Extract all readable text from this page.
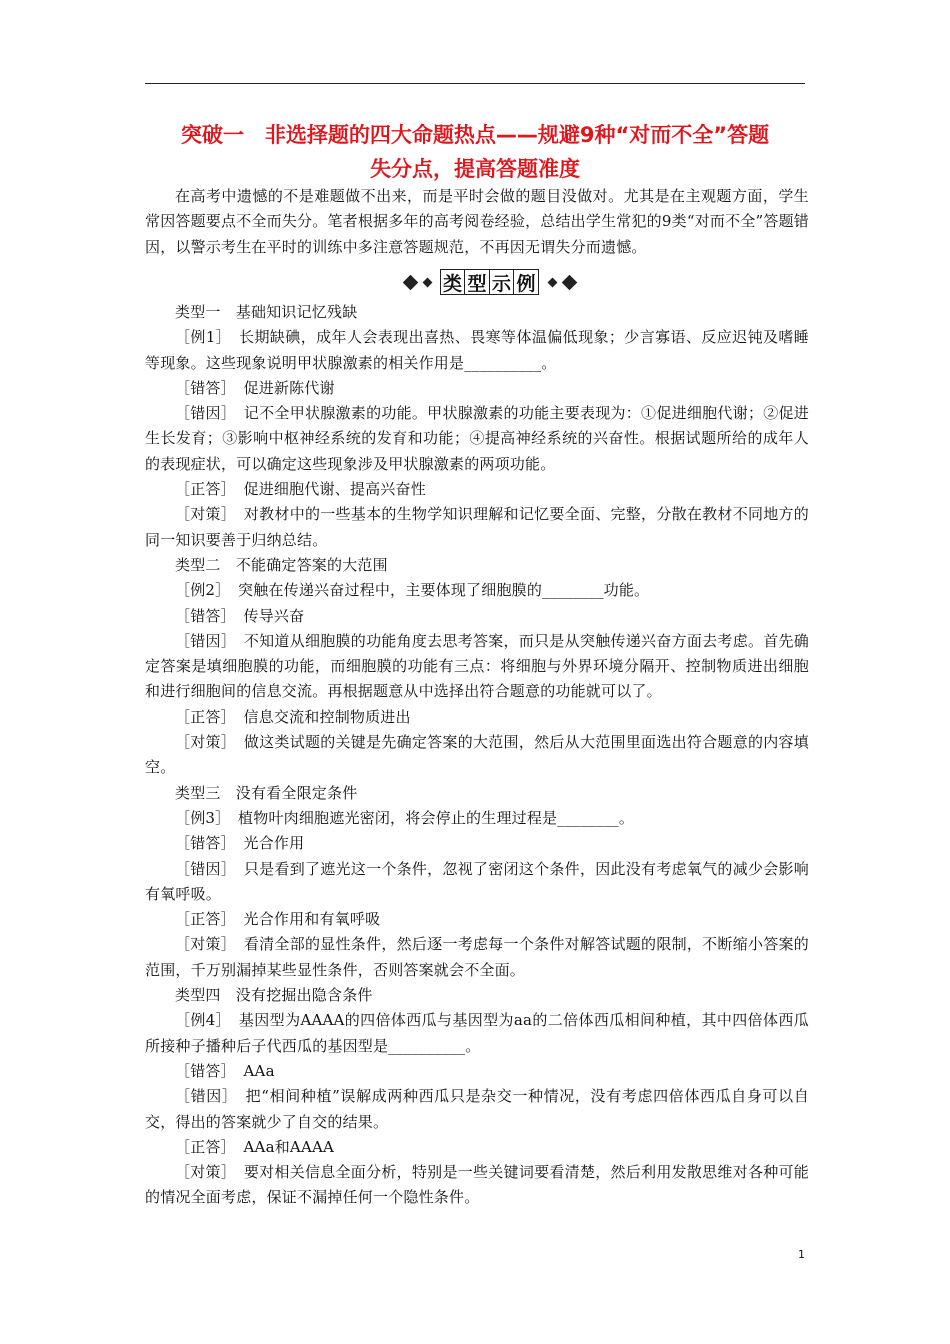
突破一　非选择题的四大命题热点——规避9种“对而不全”答题
失分点，提高答题准度

在高考中遗憾的不是难题做不出来，而是平时会做的题目没做对。尤其是在主观题方面，学生常因答题要点不全而失分。笔者根据多年的高考阅卷经验，总结出学生常犯的9类“对而不全”答题错因，以警示考生在平时的训练中多注意答题规范，不再因无谓失分而遗憾。

类 型 示 例

类型一　基础知识记忆残缺

［例1］　长期缺碘，成年人会表现出喜热、畏寒等体温偏低现象；少言寡语、反应迟钝及嗜睡等现象。这些现象说明甲状腺激素的相关作用是__________。

［错答］　促进新陈代谢

［错因］　记不全甲状腺激素的功能。甲状腺激素的功能主要表现为：①促进细胞代谢；②促进生长发育；③影响中枢神经系统的发育和功能；④提高神经系统的兴奋性。根据试题所给的成年人的表现症状，可以确定这些现象涉及甲状腺激素的两项功能。

［正答］　促进细胞代谢、提高兴奋性

［对策］　对教材中的一些基本的生物学知识理解和记忆要全面、完整，分散在教材不同地方的同一知识要善于归纳总结。

类型二　不能确定答案的大范围

［例2］　突触在传递兴奋过程中，主要体现了细胞膜的________功能。

［错答］　传导兴奋

［错因］　不知道从细胞膜的功能角度去思考答案，而只是从突触传递兴奋方面去考虑。首先确定答案是填细胞膜的功能，而细胞膜的功能有三点：将细胞与外界环境分隔开、控制物质进出细胞和进行细胞间的信息交流。再根据题意从中选择出符合题意的功能就可以了。

［正答］　信息交流和控制物质进出

［对策］　做这类试题的关键是先确定答案的大范围，然后从大范围里面选出符合题意的内容填空。

类型三　没有看全限定条件

［例3］　植物叶肉细胞遮光密闭，将会停止的生理过程是________。

［错答］　光合作用

［错因］　只是看到了遮光这一个条件，忽视了密闭这个条件，因此没有考虑氧气的减少会影响有氧呼吸。

［正答］　光合作用和有氧呼吸

［对策］　看清全部的显性条件，然后逐一考虑每一个条件对解答试题的限制，不断缩小答案的范围，千万别漏掉某些显性条件，否则答案就会不全面。

类型四　没有挖掘出隐含条件

［例4］　基因型为AAAA的四倍体西瓜与基因型为aa的二倍体西瓜相间种植，其中四倍体西瓜所接种子播种后子代西瓜的基因型是__________。

［错答］　AAa

［错因］　把“相间种植”误解成两种西瓜只是杂交一种情况，没有考虑四倍体西瓜自身可以自交，得出的答案就少了自交的结果。

［正答］　AAa和AAAA

［对策］　要对相关信息全面分析，特别是一些关键词要看清楚，然后利用发散思维对各种可能的情况全面考虑，保证不漏掉任何一个隐性条件。

1
